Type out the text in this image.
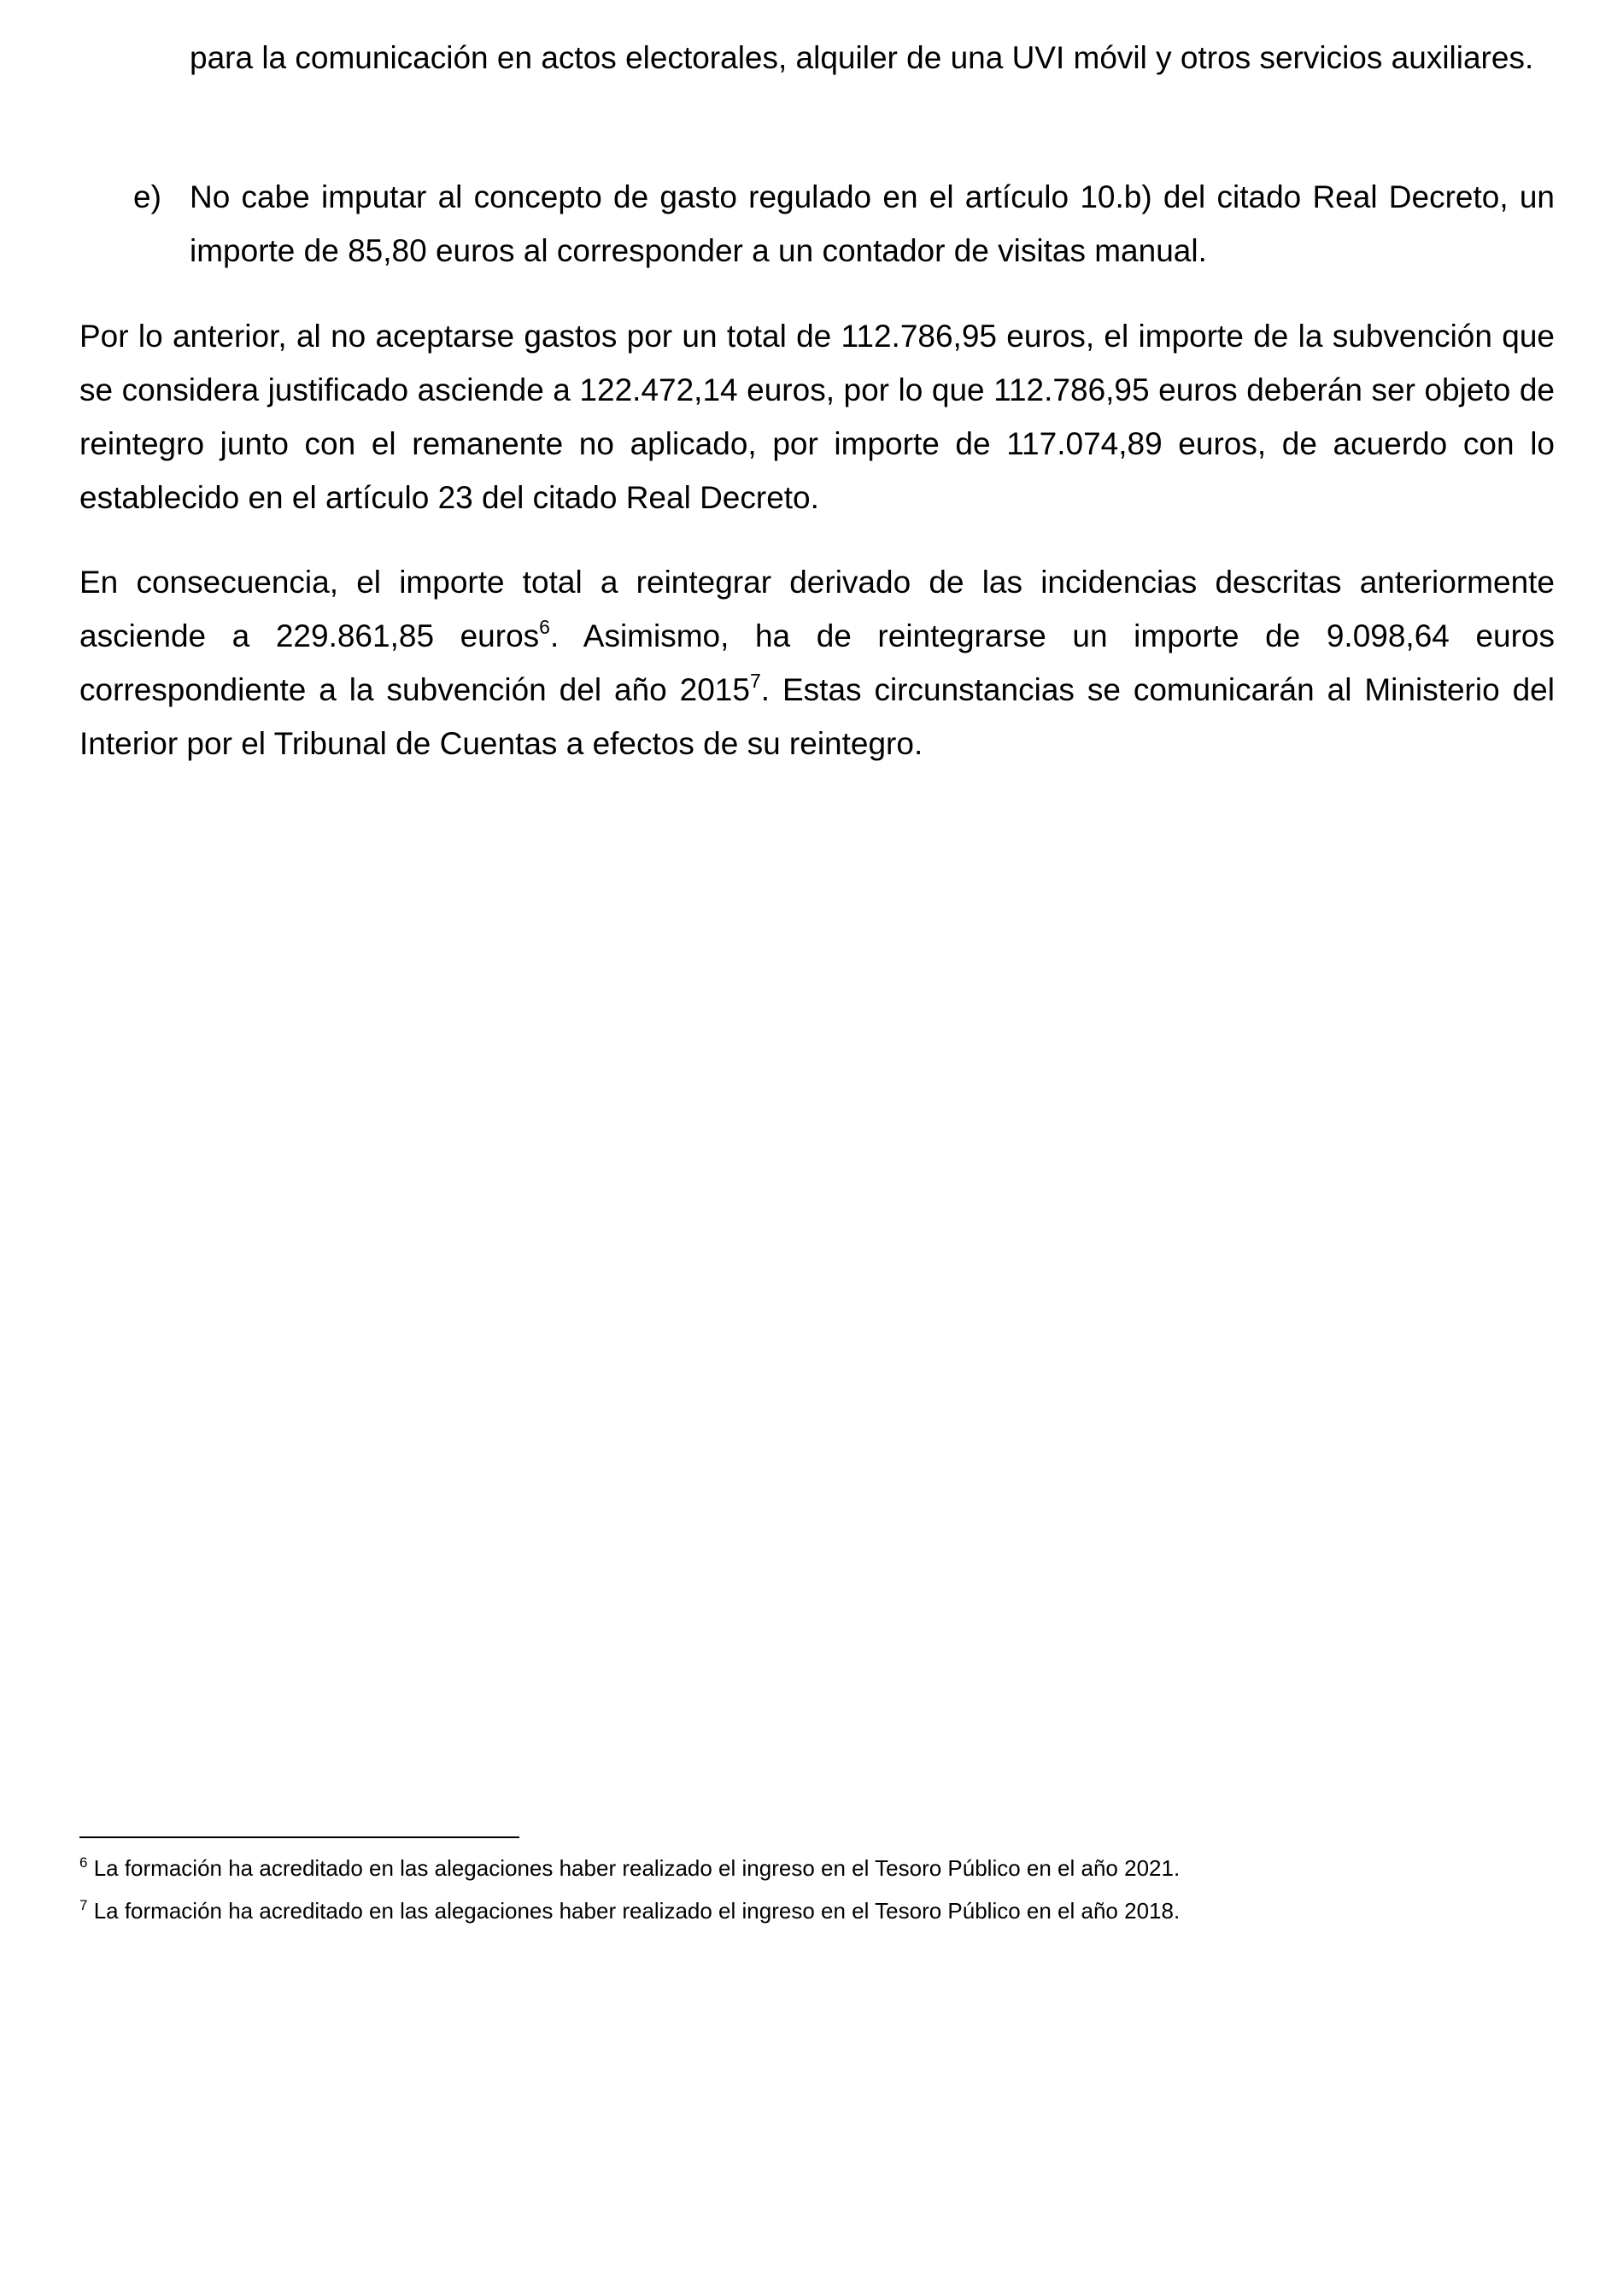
para la comunicación en actos electorales, alquiler de una UVI móvil y otros servicios auxiliares.
e) No cabe imputar al concepto de gasto regulado en el artículo 10.b) del citado Real Decreto, un importe de 85,80 euros al corresponder a un contador de visitas manual.
Por lo anterior, al no aceptarse gastos por un total de 112.786,95 euros, el importe de la subvención que se considera justificado asciende a 122.472,14 euros, por lo que 112.786,95 euros deberán ser objeto de reintegro junto con el remanente no aplicado, por importe de 117.074,89 euros, de acuerdo con lo establecido en el artículo 23 del citado Real Decreto.
En consecuencia, el importe total a reintegrar derivado de las incidencias descritas anteriormente asciende a 229.861,85 euros$^6$. Asimismo, ha de reintegrarse un importe de 9.098,64 euros correspondiente a la subvención del año 2015$^7$. Estas circunstancias se comunicarán al Ministerio del Interior por el Tribunal de Cuentas a efectos de su reintegro.
$^6$ La formación ha acreditado en las alegaciones haber realizado el ingreso en el Tesoro Público en el año 2021.
$^7$ La formación ha acreditado en las alegaciones haber realizado el ingreso en el Tesoro Público en el año 2018.
